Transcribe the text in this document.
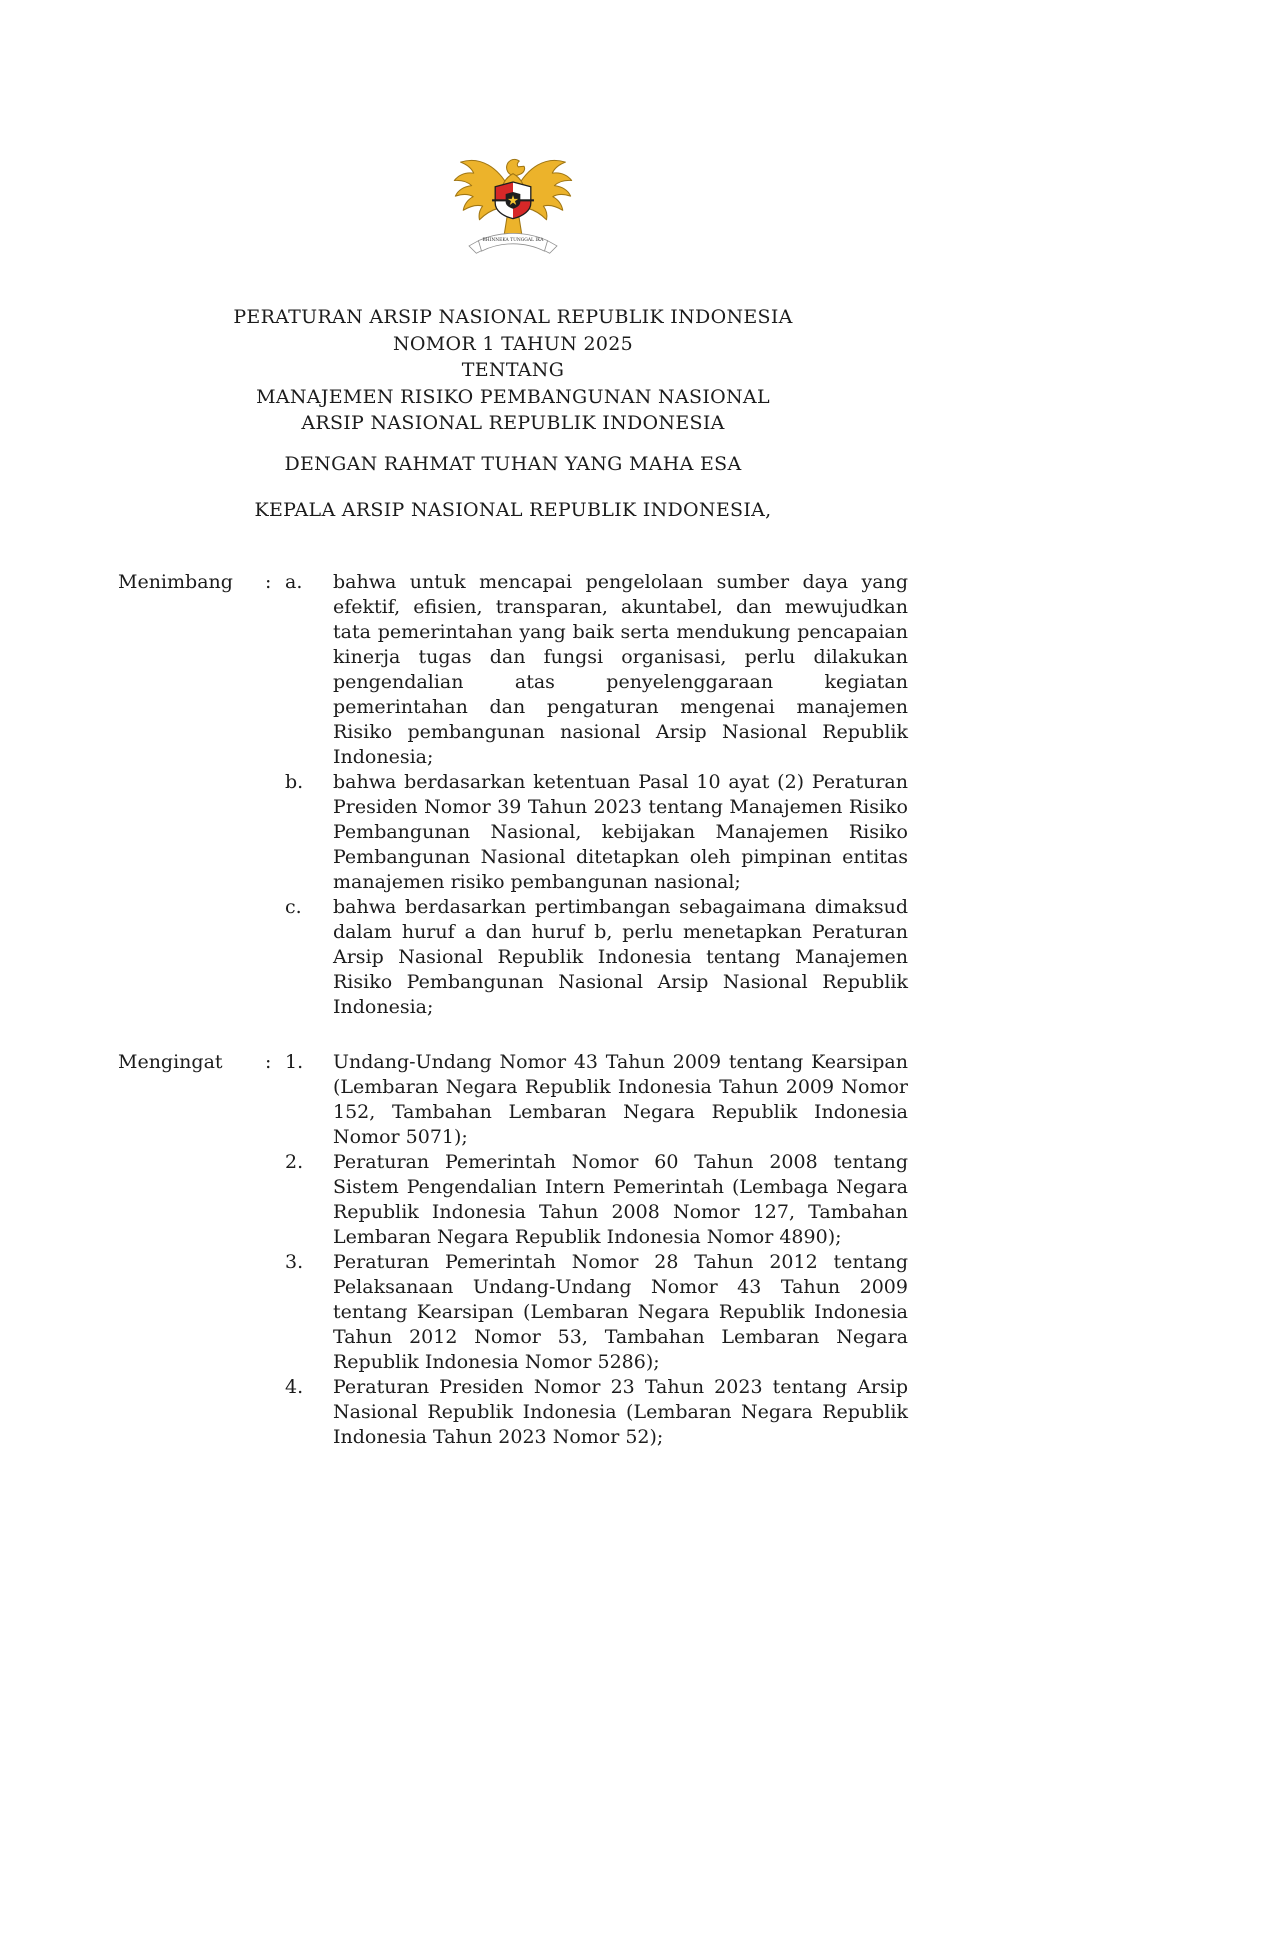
BHINNEKA TUNGGAL IKA
PERATURAN ARSIP NASIONAL REPUBLIK INDONESIA
NOMOR 1 TAHUN 2025
TENTANG
MANAJEMEN RISIKO PEMBANGUNAN NASIONAL
ARSIP NASIONAL REPUBLIK INDONESIA
DENGAN RAHMAT TUHAN YANG MAHA ESA
KEPALA ARSIP NASIONAL REPUBLIK INDONESIA,
Menimbang	: a.	bahwa untuk mencapai pengelolaan sumber daya yang efektif, efisien, transparan, akuntabel, dan mewujudkan tata pemerintahan yang baik serta mendukung pencapaian kinerja tugas dan fungsi organisasi, perlu dilakukan pengendalian atas penyelenggaraan kegiatan pemerintahan dan pengaturan mengenai manajemen Risiko pembangunan nasional Arsip Nasional Republik Indonesia;
b.	bahwa berdasarkan ketentuan Pasal 10 ayat (2) Peraturan Presiden Nomor 39 Tahun 2023 tentang Manajemen Risiko Pembangunan Nasional, kebijakan Manajemen Risiko Pembangunan Nasional ditetapkan oleh pimpinan entitas manajemen risiko pembangunan nasional;
c.	bahwa berdasarkan pertimbangan sebagaimana dimaksud dalam huruf a dan huruf b, perlu menetapkan Peraturan Arsip Nasional Republik Indonesia tentang Manajemen Risiko Pembangunan Nasional Arsip Nasional Republik Indonesia;
Mengingat	: 1.	Undang-Undang Nomor 43 Tahun 2009 tentang Kearsipan (Lembaran Negara Republik Indonesia Tahun 2009 Nomor 152, Tambahan Lembaran Negara Republik Indonesia Nomor 5071);
2.	Peraturan Pemerintah Nomor 60 Tahun 2008 tentang Sistem Pengendalian Intern Pemerintah (Lembaga Negara Republik Indonesia Tahun 2008 Nomor 127, Tambahan Lembaran Negara Republik Indonesia Nomor 4890);
3.	Peraturan Pemerintah Nomor 28 Tahun 2012 tentang Pelaksanaan Undang-Undang Nomor 43 Tahun 2009 tentang Kearsipan (Lembaran Negara Republik Indonesia Tahun 2012 Nomor 53, Tambahan Lembaran Negara Republik Indonesia Nomor 5286);
4.	Peraturan Presiden Nomor 23 Tahun 2023 tentang Arsip Nasional Republik Indonesia (Lembaran Negara Republik Indonesia Tahun 2023 Nomor 52);
